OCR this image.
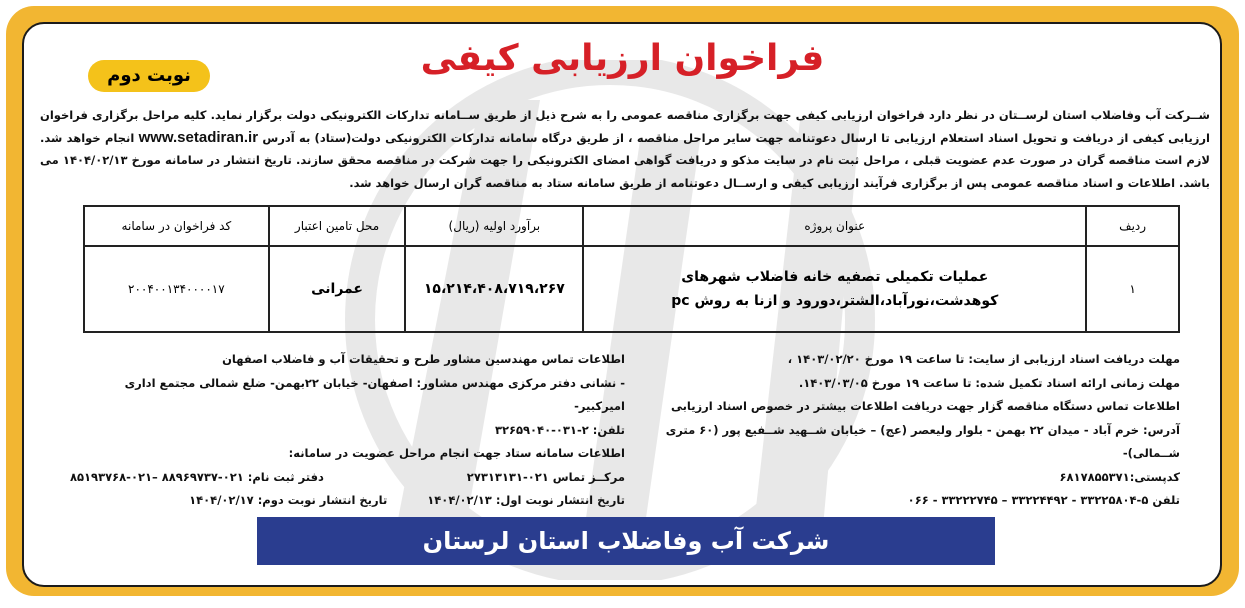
فراخوان ارزیابی کیفی
نوبت دوم
شــرکت آب وفاضلاب استان لرســتان در نظر دارد فراخوان ارزیابی کیفی جهت برگزاری مناقصه عمومی را به شرح ذیل از طریق ســامانه تدارکات الکترونیکی دولت برگزار نماید. کلیه مراحل برگزاری فراخوان ارزیابی کیفی از دریافت و تحویل اسناد استعلام ارزیابی تا ارسال دعوتنامه جهت سایر مراحل مناقصه ، از طریق درگاه سامانه تدارکات الکترونیکی دولت(ستاد) به آدرس www.setadiran.ir انجام خواهد شد. لازم است مناقصه گران در صورت عدم عضویت قبلی ، مراحل ثبت نام در سایت مذکو و دریافت گواهی امضای الکترونیکی را جهت شرکت در مناقصه محقق سازند. تاریخ انتشار در سامانه مورخ ۱۴۰۴/۰۲/۱۳ می باشد. اطلاعات و اسناد مناقصه عمومی پس از برگزاری فرآیند ارزیابی کیفی و ارســال دعوتنامه از طریق سامانه ستاد به مناقصه گران ارسال خواهد شد.
ردیف	عنوان پروژه	برآورد اولیه (ریال)	محل تامین اعتبار	کد فراخوان در سامانه
۱	عملیات تکمیلی تصفیه خانه فاضلاب شهرهای کوهدشت،نورآباد،الشتر،دورود و ازنا به روش pc	۱۵،۲۱۴،۴۰۸،۷۱۹،۲۶۷	عمرانی	۲۰۰۴۰۰۱۳۴۰۰۰۰۱۷
مهلت دریافت اسناد ارزیابی از سایت: تا ساعت ۱۹ مورخ ۱۴۰۳/۰۲/۲۰ ،
مهلت زمانی ارائه اسناد تکمیل شده: تا ساعت ۱۹ مورخ ۱۴۰۳/۰۳/۰۵.
اطلاعات تماس دستگاه مناقصه گزار جهت دریافت اطلاعات بیشتر در خصوص اسناد ارزیابی
آدرس: خرم آباد - میدان ۲۲ بهمن - بلوار ولیعصر (عج) – خیابان شــهید شــفیع پور (۶۰ متری شــمالی)-
کدپستی:۶۸۱۷۸۵۵۳۷۱
تلفن ۵-۳۳۲۲۵۸۰۴ - ۳۳۲۲۴۴۹۲ – ۳۳۲۲۲۷۴۵ - ۰۶۶
اطلاعات تماس مهندسین مشاور طرح و تحقیقات آب و فاضلاب اصفهان
- نشانی دفتر مرکزی مهندس مشاور: اصفهان- خیابان ۲۲بهمن- ضلع شمالی مجتمع اداری امیرکبیر-
تلفن: ۲-۰۳۱-۳۲۶۵۹۰۴۰
اطلاعات سامانه ستاد جهت انجام مراحل عضویت در سامانه:
مرکــز تماس ۰۲۱-۲۷۳۱۳۱۳۱
دفتر ثبت نام: ۰۲۱-۸۸۹۶۹۷۳۷ –۰۲۱-۸۵۱۹۳۷۶۸
تاریخ انتشار نوبت اول: ۱۴۰۴/۰۲/۱۳
تاریخ انتشار نوبت دوم: ۱۴۰۴/۰۲/۱۷
شرکت آب وفاضلاب استان لرستان
